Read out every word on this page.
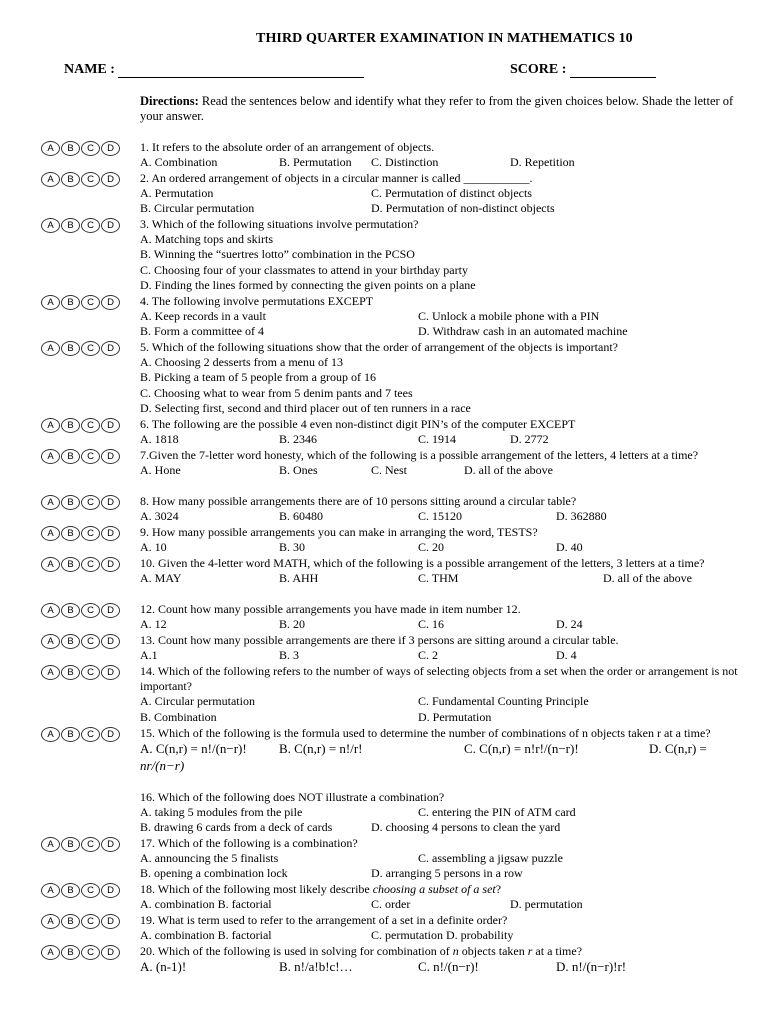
THIRD QUARTER EXAMINATION IN MATHEMATICS 10
NAME :	SCORE :
Directions: Read the sentences below and identify what they refer to from the given choices below. Shade the letter of your answer.
A	B	C	D
A	B	C	D
A	B	C	D
A	B	C	D
A	B	C	D
A	B	C	D
A	B	C	D
A	B	C	D
A	B	C	D
A	B	C	D
A	B	C	D
A	B	C	D
A	B	C	D
A	B	C	D
A	B	C	D
A	B	C	D
A	B	C	D
A	B	C	D
1. It refers to the absolute order of an arrangement of objects.
A. Combination	B. Permutation C. Distinction	D. Repetition
2. An ordered arrangement of objects in a circular manner is called ___________.
A. Permutation	C. Permutation of distinct objects
B. Circular permutation	D. Permutation of non-distinct objects
3. Which of the following situations involve permutation?
A. Matching tops and skirts
B. Winning the “suertres lotto” combination in the PCSO
C. Choosing four of your classmates to attend in your birthday party
D. Finding the lines formed by connecting the given points on a plane
4. The following involve permutations EXCEPT
A. Keep records in a vault	C. Unlock a mobile phone with a PIN
B. Form a committee of 4	D. Withdraw cash in an automated machine
5. Which of the following situations show that the order of arrangement of the objects is important?
A. Choosing 2 desserts from a menu of 13
B. Picking a team of 5 people from a group of 16
C. Choosing what to wear from 5 denim pants and 7 tees
D. Selecting first, second and third placer out of ten runners in a race
6. The following are the possible 4 even non-distinct digit PIN’s of the computer EXCEPT
A. 1818	B. 2346	C. 1914	D. 2772
7.Given the 7-letter word honesty, which of the following is a possible arrangement of the letters, 4 letters at a time?
A. Hone	B. Ones	C. Nest	D. all of the above
8. How many possible arrangements there are of 10 persons sitting around a circular table?
A. 3024	B. 60480	C. 15120	D. 362880
9. How many possible arrangements you can make in arranging the word, TESTS?
A. 10	B. 30	C. 20	D. 40
10. Given the 4-letter word MATH, which of the following is a possible arrangement of the letters, 3 letters at a time?
A. MAY	B. AHH	C. THM	D. all of the above
12. Count how many possible arrangements you have made in item number 12.
A. 12	B. 20	C. 16	D. 24
13. Count how many possible arrangements are there if 3 persons are sitting around a circular table.
A.1	B. 3	C. 2	D. 4
14. Which of the following refers to the number of ways of selecting objects from a set when the order or arrangement is not important?
A. Circular permutation	C. Fundamental Counting Principle
B. Combination	D. Permutation
15. Which of the following is the formula used to determine the number of combinations of n objects taken r at a time?
A. C(n,r) = n!/(n−r)! B. C(n,r) = n!/r!	C. C(n,r) = n!r!/(n−r)!	D. C(n,r) =
nr/(n−r)
16. Which of the following does NOT illustrate a combination?
A. taking 5 modules from the pile	C. entering the PIN of ATM card
B. drawing 6 cards from a deck of cards	D. choosing 4 persons to clean the yard
17. Which of the following is a combination?
A. announcing the 5 finalists	C. assembling a jigsaw puzzle
B. opening a combination lock	D. arranging 5 persons in a row
18. Which of the following most likely describe choosing a subset of a set?
A. combination B. factorial	C. order	D. permutation
19. What is term used to refer to the arrangement of a set in a definite order?
A. combination B. factorial	C. permutation D. probability
20. Which of the following is used in solving for combination of n objects taken r at a time?
A. (n-1)!	B. n!/a!b!c!…	C. n!/(n−r)!	D. n!/(n−r)!r!
